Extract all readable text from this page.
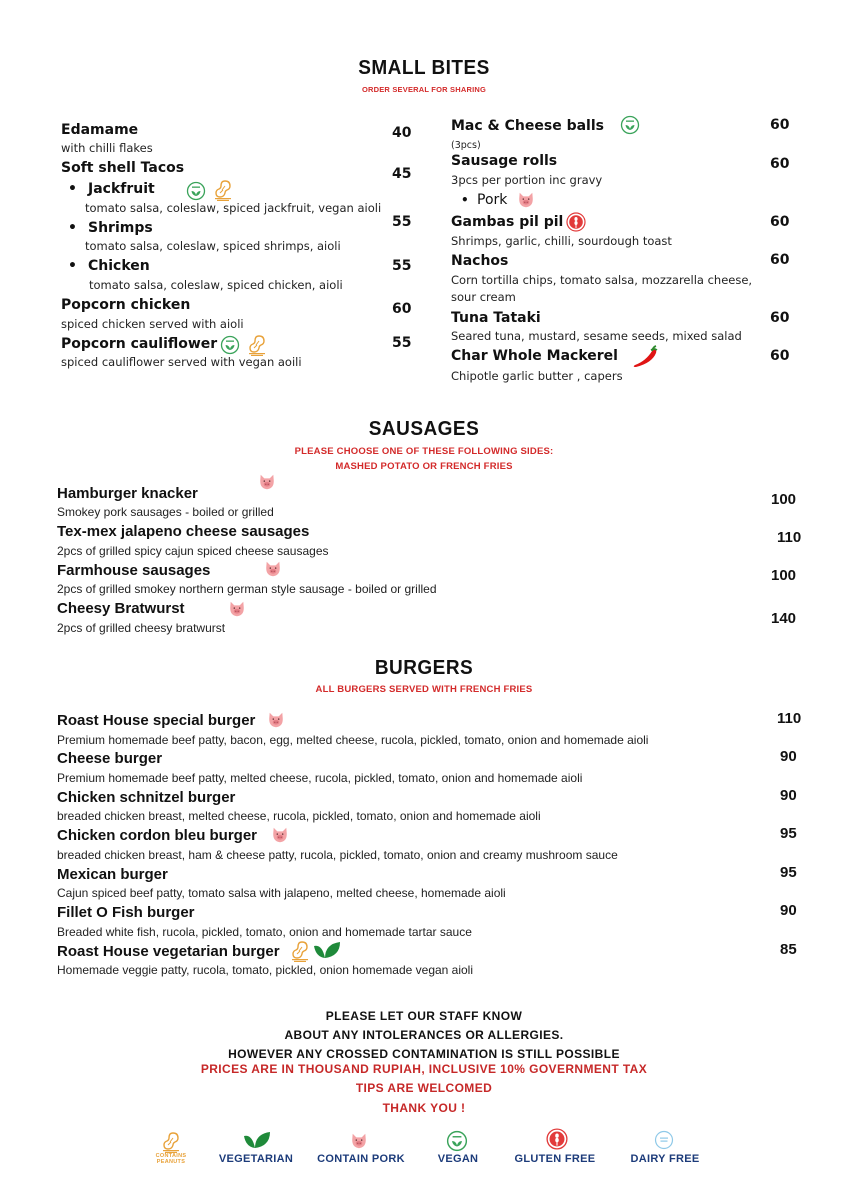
SMALL BITES
ORDER SEVERAL FOR SHARING
Edamame
with chilli flakes
40
Soft shell Tacos	45
• Jackfruit
tomato salsa, coleslaw, spiced jackfruit, vegan aioli
• Shrimps	55
tomato salsa, coleslaw, spiced shrimps, aioli
• Chicken	55
tomato salsa, coleslaw, spiced chicken, aioli
Popcorn chicken	60
spiced chicken served with aioli
Popcorn cauliflower	55
spiced cauliflower served with vegan aoili
Mac & Cheese balls	60
(3pcs)
Sausage rolls	60
3pcs per portion inc gravy
• Pork
Gambas pil pil	60
Shrimps, garlic, chilli, sourdough toast
Nachos	60
Corn tortilla chips, tomato salsa, mozzarella cheese,
sour cream
Tuna Tataki	60
Seared tuna, mustard, sesame seeds, mixed salad
Char Whole Mackerel	60
Chipotle garlic butter , capers
SAUSAGES
PLEASE CHOOSE ONE OF THESE FOLLOWING SIDES:
MASHED POTATO OR FRENCH FRIES
Hamburger knacker
Smokey pork sausages - boiled or grilled
100
Tex-mex jalapeno cheese sausages
2pcs of grilled spicy cajun spiced cheese sausages
110
Farmhouse sausages
2pcs of grilled smokey northern german style sausage - boiled or grilled
100
Cheesy Bratwurst
2pcs of grilled cheesy bratwurst
140
BURGERS
ALL BURGERS SERVED WITH FRENCH FRIES
Roast House special burger
Premium homemade beef patty, bacon, egg, melted cheese, rucola, pickled, tomato, onion and homemade aioli
110
Cheese burger
Premium homemade beef patty, melted cheese, rucola, pickled, tomato, onion and homemade aioli
90
Chicken schnitzel burger
breaded chicken breast, melted cheese, rucola, pickled, tomato, onion and homemade aioli
90
Chicken cordon bleu burger
breaded chicken breast, ham & cheese patty, rucola, pickled, tomato, onion and creamy mushroom sauce
95
Mexican burger
Cajun spiced beef patty, tomato salsa with jalapeno, melted cheese, homemade aioli
95
Fillet O Fish burger
Breaded white fish, rucola, pickled, tomato, onion and homemade tartar sauce
90
Roast House vegetarian burger
Homemade veggie patty, rucola, tomato, pickled, onion homemade vegan aioli
85
PLEASE LET OUR STAFF KNOW
ABOUT ANY INTOLERANCES OR ALLERGIES.
HOWEVER ANY CROSSED CONTAMINATION IS STILL POSSIBLE
PRICES ARE IN THOUSAND RUPIAH, INCLUSIVE 10% GOVERNMENT TAX
TIPS ARE WELCOMED
THANK YOU !
CONTAINS PEANUTS	VEGETARIAN	CONTAIN PORK	VEGAN	GLUTEN FREE	DAIRY FREE
